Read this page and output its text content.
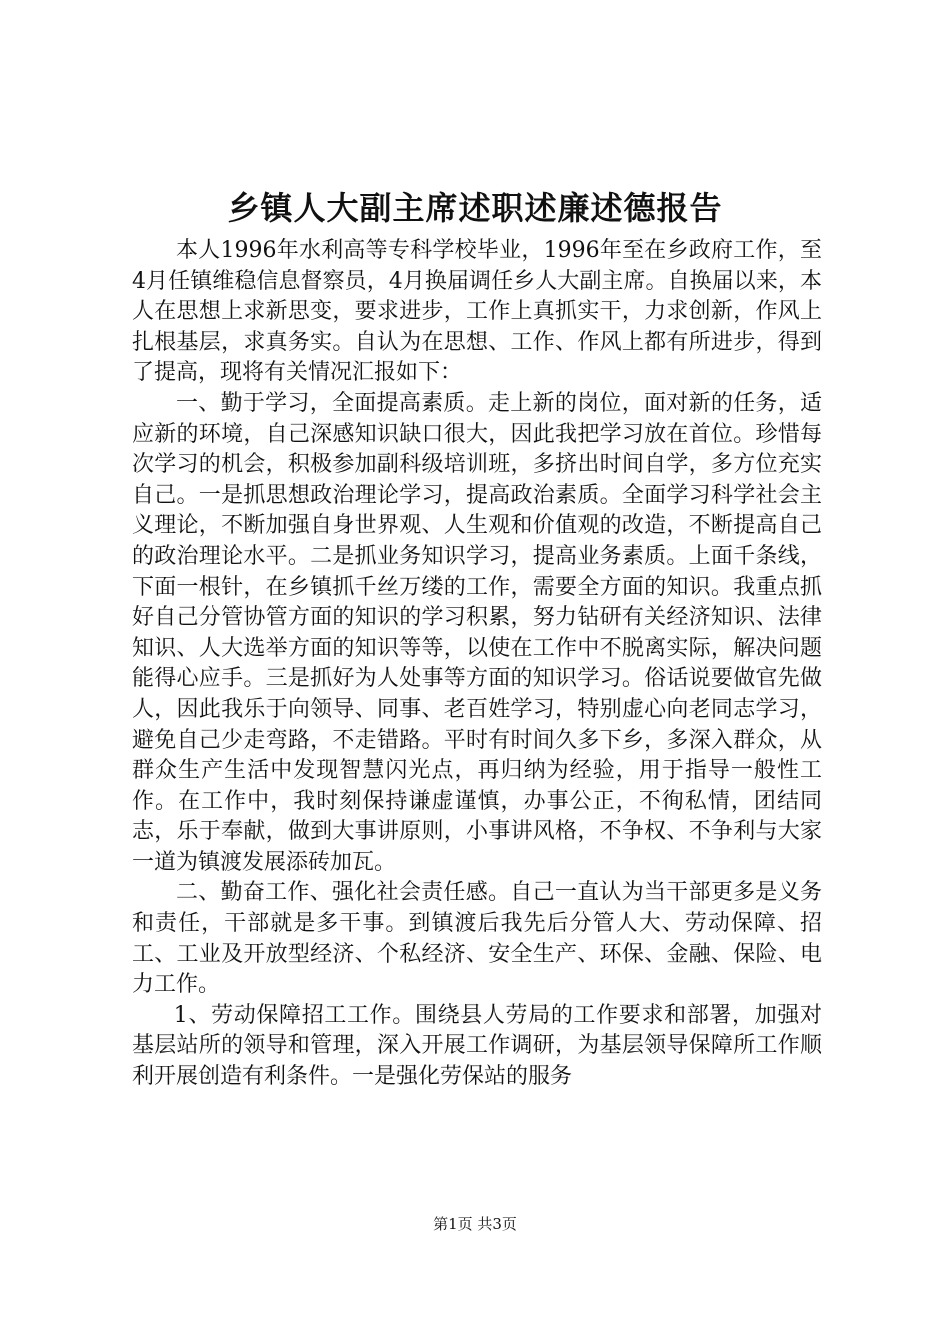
乡镇人大副主席述职述廉述德报告

本人1996年水利高等专科学校毕业，1996年至在乡政府工作，至4月任镇维稳信息督察员，4月换届调任乡人大副主席。自换届以来，本人在思想上求新思变，要求进步，工作上真抓实干，力求创新，作风上扎根基层，求真务实。自认为在思想、工作、作风上都有所进步，得到了提高，现将有关情况汇报如下：

一、勤于学习，全面提高素质。走上新的岗位，面对新的任务，适应新的环境，自己深感知识缺口很大，因此我把学习放在首位。珍惜每次学习的机会，积极参加副科级培训班，多挤出时间自学，多方位充实自己。一是抓思想政治理论学习，提高政治素质。全面学习科学社会主义理论，不断加强自身世界观、人生观和价值观的改造，不断提高自己的政治理论水平。二是抓业务知识学习，提高业务素质。上面千条线，下面一根针，在乡镇抓千丝万缕的工作，需要全方面的知识。我重点抓好自己分管协管方面的知识的学习积累，努力钻研有关经济知识、法律知识、人大选举方面的知识等等，以使在工作中不脱离实际，解决问题能得心应手。三是抓好为人处事等方面的知识学习。俗话说要做官先做人，因此我乐于向领导、同事、老百姓学习，特别虚心向老同志学习，避免自己少走弯路，不走错路。平时有时间久多下乡，多深入群众，从群众生产生活中发现智慧闪光点，再归纳为经验，用于指导一般性工作。在工作中，我时刻保持谦虚谨慎，办事公正，不徇私情，团结同志，乐于奉献，做到大事讲原则，小事讲风格，不争权、不争利与大家一道为镇渡发展添砖加瓦。

二、勤奋工作、强化社会责任感。自己一直认为当干部更多是义务和责任，干部就是多干事。到镇渡后我先后分管人大、劳动保障、招工、工业及开放型经济、个私经济、安全生产、环保、金融、保险、电力工作。

1、劳动保障招工工作。围绕县人劳局的工作要求和部署，加强对基层站所的领导和管理，深入开展工作调研，为基层领导保障所工作顺利开展创造有利条件。一是强化劳保站的服务

第1页 共3页
